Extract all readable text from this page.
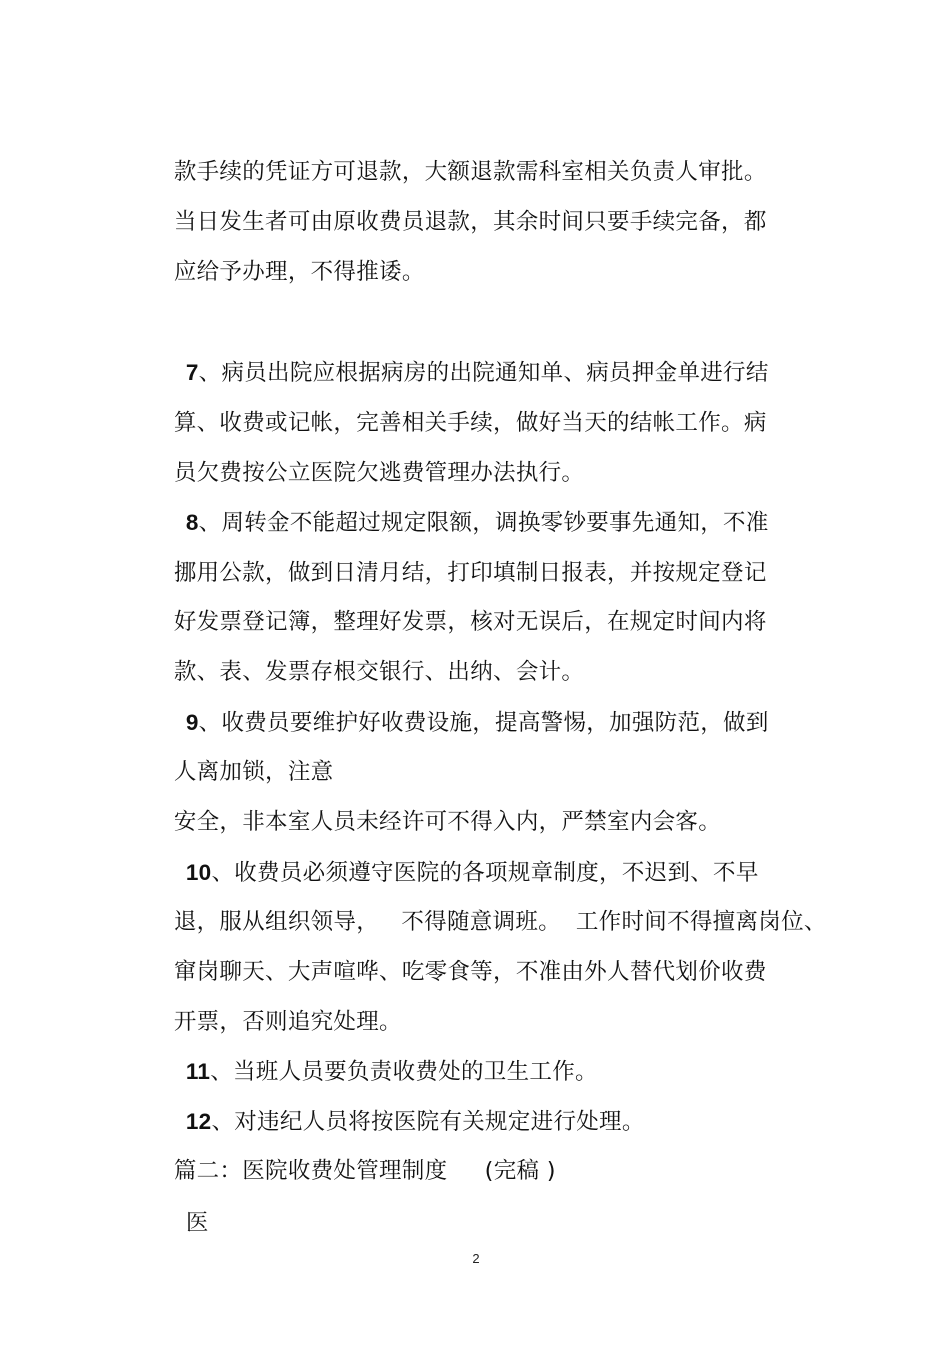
款手续的凭证方可退款，大额退款需科室相关负责人审批。

当日发生者可由原收费员退款，其余时间只要手续完备，都

应给予办理，不得推诿。

7、病员出院应根据病房的出院通知单、病员押金单进行结

算、收费或记帐，完善相关手续，做好当天的结帐工作。病

员欠费按公立医院欠逃费管理办法执行。

8、周转金不能超过规定限额，调换零钞要事先通知，不准

挪用公款，做到日清月结，打印填制日报表，并按规定登记

好发票登记簿，整理好发票，核对无误后，在规定时间内将

款、表、发票存根交银行、出纳、会计。

9、收费员要维护好收费设施，提高警惕，加强防范，做到

人离加锁，注意

安全，非本室人员未经许可不得入内，严禁室内会客。

10、收费员必须遵守医院的各项规章制度，不迟到、不早

退，服从组织领导，   不得随意调班。  工作时间不得擅离岗位、

窜岗聊天、大声喧哗、吃零食等，不准由外人替代划价收费

开票，否则追究处理。

11、当班人员要负责收费处的卫生工作。

12、对违纪人员将按医院有关规定进行处理。

篇二：医院收费处管理制度     (完稿 )

医

2
